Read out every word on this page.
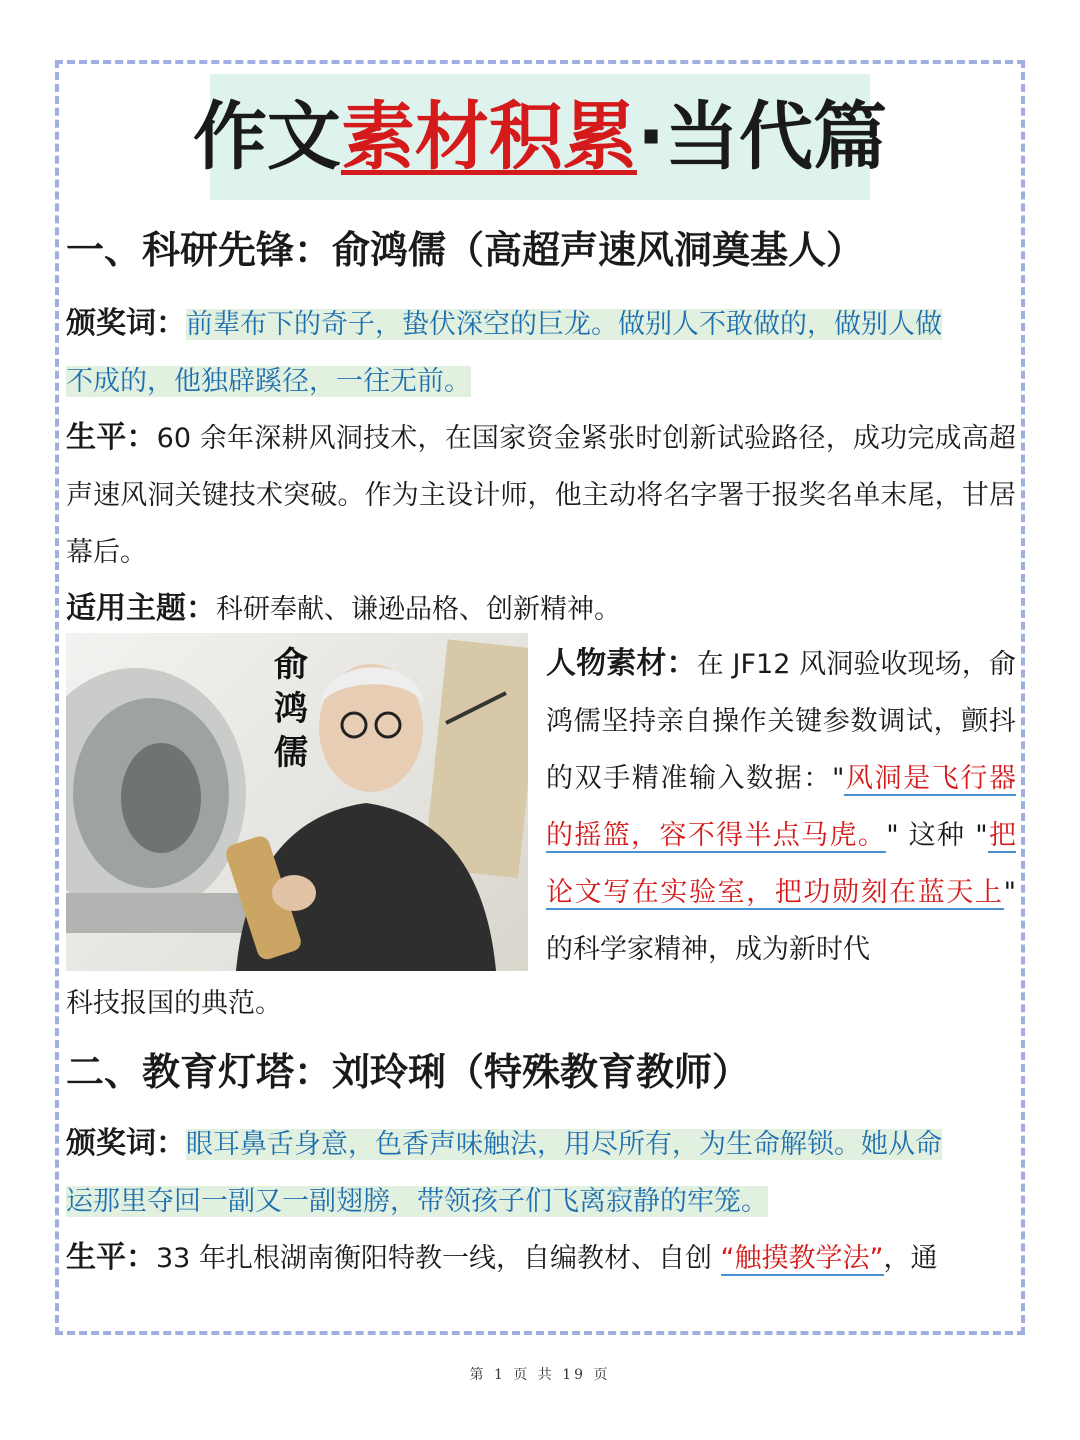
作文素材积累·当代篇
一、科研先锋：俞鸿儒（高超声速风洞奠基人）
颁奖词：前辈布下的奇子，蛰伏深空的巨龙。做别人不敢做的，做别人做
不成的，他独辟蹊径，一往无前。

生平：60 余年深耕风洞技术，在国家资金紧张时创新试验路径，成功完成高超声速风洞关键技术突破。作为主设计师，他主动将名字署于报奖名单末尾，甘居幕后。

适用主题：科研奉献、谦逊品格、创新精神。

俞鸿儒

人物素材：在 JF12 风洞验收现场，俞鸿儒坚持亲自操作关键参数调试，颤抖的双手精准输入数据："风洞是飞行器的摇篮，容不得半点马虎。" 这种 "把论文写在实验室，把功勋刻在蓝天上" 的科学家精神，成为新时代

科技报国的典范。

二、教育灯塔：刘玲琍（特殊教育教师）
颁奖词：眼耳鼻舌身意，色香声味触法，用尽所有，为生命解锁。她从命
运那里夺回一副又一副翅膀，带领孩子们飞离寂静的牢笼。

生平：33 年扎根湖南衡阳特教一线，自编教材、自创 “触摸教学法”，通

第 1 页 共 19 页
